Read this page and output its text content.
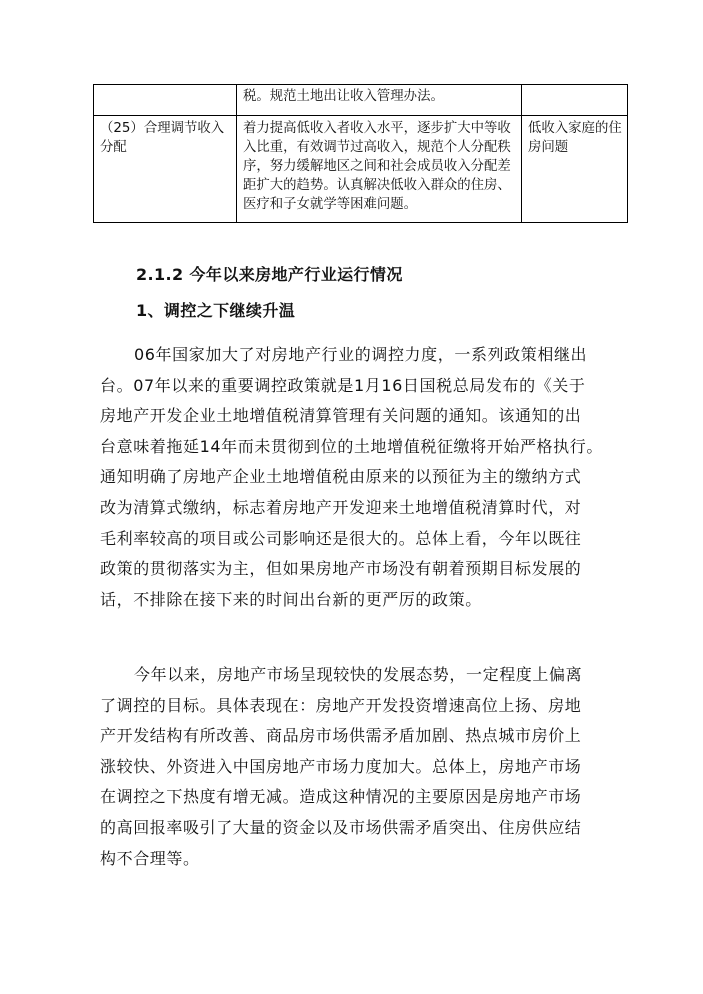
	税。规范土地出让收入管理办法。	
（25）合理调节收入分配	着力提高低收入者收入水平，逐步扩大中等收入比重，有效调节过高收入，规范个人分配秩序，努力缓解地区之间和社会成员收入分配差距扩大的趋势。认真解决低收入群众的住房、医疗和子女就学等困难问题。	低收入家庭的住房问题
2.1.2 今年以来房地产行业运行情况
1、调控之下继续升温
06年国家加大了对房地产行业的调控力度，一系列政策相继出
台。07年以来的重要调控政策就是1月16日国税总局发布的《关于
房地产开发企业土地增值税清算管理有关问题的通知。该通知的出
台意味着拖延14年而未贯彻到位的土地增值税征缴将开始严格执行。
通知明确了房地产企业土地增值税由原来的以预征为主的缴纳方式
改为清算式缴纳，标志着房地产开发迎来土地增值税清算时代，对
毛利率较高的项目或公司影响还是很大的。总体上看，今年以既往
政策的贯彻落实为主，但如果房地产市场没有朝着预期目标发展的
话，不排除在接下来的时间出台新的更严厉的政策。
今年以来，房地产市场呈现较快的发展态势，一定程度上偏离
了调控的目标。具体表现在：房地产开发投资增速高位上扬、房地
产开发结构有所改善、商品房市场供需矛盾加剧、热点城市房价上
涨较快、外资进入中国房地产市场力度加大。总体上，房地产市场
在调控之下热度有增无减。造成这种情况的主要原因是房地产市场
的高回报率吸引了大量的资金以及市场供需矛盾突出、住房供应结
构不合理等。
